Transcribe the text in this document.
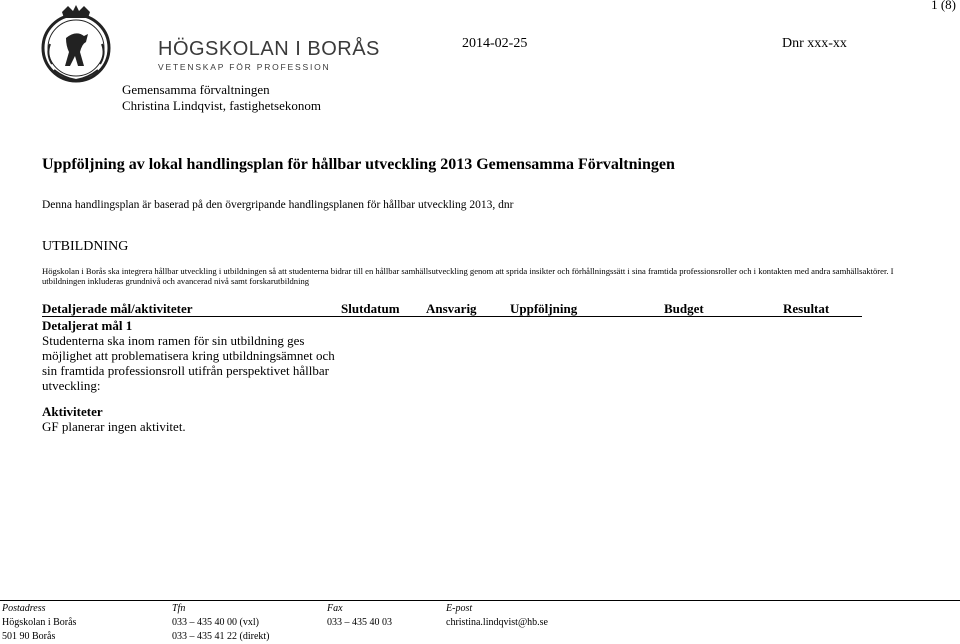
1 (8)
HÖGSKOLAN I BORÅS
VETENSKAP FÖR PROFESSION
2014-02-25	Dnr xxx-xx
Gemensamma förvaltningen
Christina Lindqvist, fastighetsekonom
Uppföljning av lokal handlingsplan för hållbar utveckling 2013 Gemensamma Förvaltningen
Denna handlingsplan är baserad på den övergripande handlingsplanen för hållbar utveckling 2013, dnr
UTBILDNING
Högskolan i Borås ska integrera hållbar utveckling i utbildningen så att studenterna bidrar till en hållbar samhällsutveckling genom att sprida insikter och förhållningssätt i sina framtida professionsroller och i kontakten med andra samhällsaktörer. I utbildningen inkluderas grundnivå och avancerad nivå samt forskarutbildning
Detaljerade mål/aktiviteter	Slutdatum Ansvarig	Uppföljning	Budget	Resultat
Detaljerat mål 1
Studenterna ska inom ramen för sin utbildning ges möjlighet att problematisera kring utbildningsämnet och sin framtida professionsroll utifrån perspektivet hållbar utveckling:
Aktiviteter
GF planerar ingen aktivitet.
Postadress
Högskolan i Borås
501 90 Borås
Tfn
033 – 435 40 00 (vxl)
033 – 435 41 22 (direkt)
Fax
033 – 435 40 03
E-post
christina.lindqvist@hb.se
